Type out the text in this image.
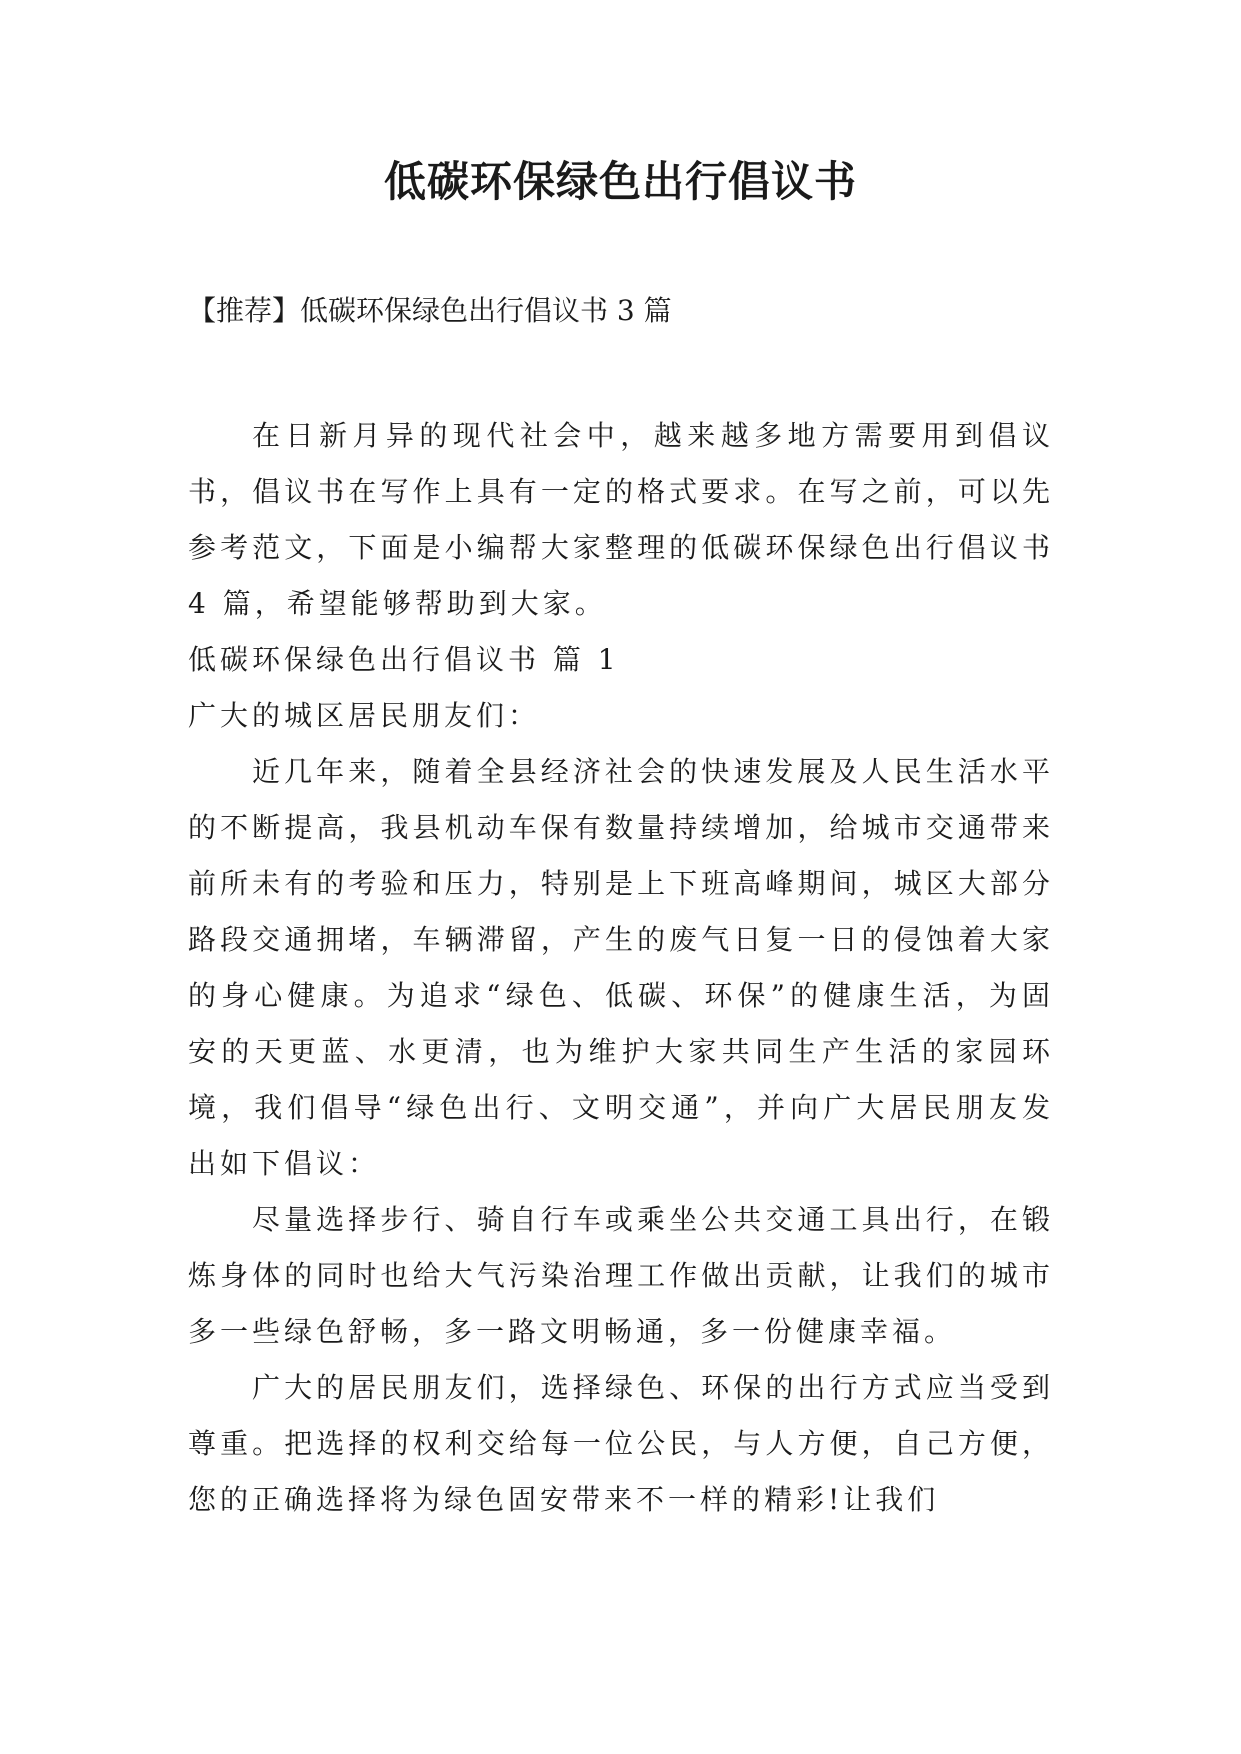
低碳环保绿色出行倡议书

【推荐】低碳环保绿色出行倡议书 3 篇

在日新月异的现代社会中，越来越多地方需要用到倡议书，倡议书在写作上具有一定的格式要求。在写之前，可以先参考范文，下面是小编帮大家整理的低碳环保绿色出行倡议书 4 篇，希望能够帮助到大家。

低碳环保绿色出行倡议书 篇 1

广大的城区居民朋友们：

近几年来，随着全县经济社会的快速发展及人民生活水平的不断提高，我县机动车保有数量持续增加，给城市交通带来前所未有的考验和压力，特别是上下班高峰期间，城区大部分路段交通拥堵，车辆滞留，产生的废气日复一日的侵蚀着大家的身心健康。为追求“绿色、低碳、环保”的健康生活，为固安的天更蓝、水更清，也为维护大家共同生产生活的家园环境，我们倡导“绿色出行、文明交通”，并向广大居民朋友发出如下倡议：

尽量选择步行、骑自行车或乘坐公共交通工具出行，在锻炼身体的同时也给大气污染治理工作做出贡献，让我们的城市多一些绿色舒畅，多一路文明畅通，多一份健康幸福。

广大的居民朋友们，选择绿色、环保的出行方式应当受到尊重。把选择的权利交给每一位公民，与人方便，自己方便，您的正确选择将为绿色固安带来不一样的精彩!让我们
